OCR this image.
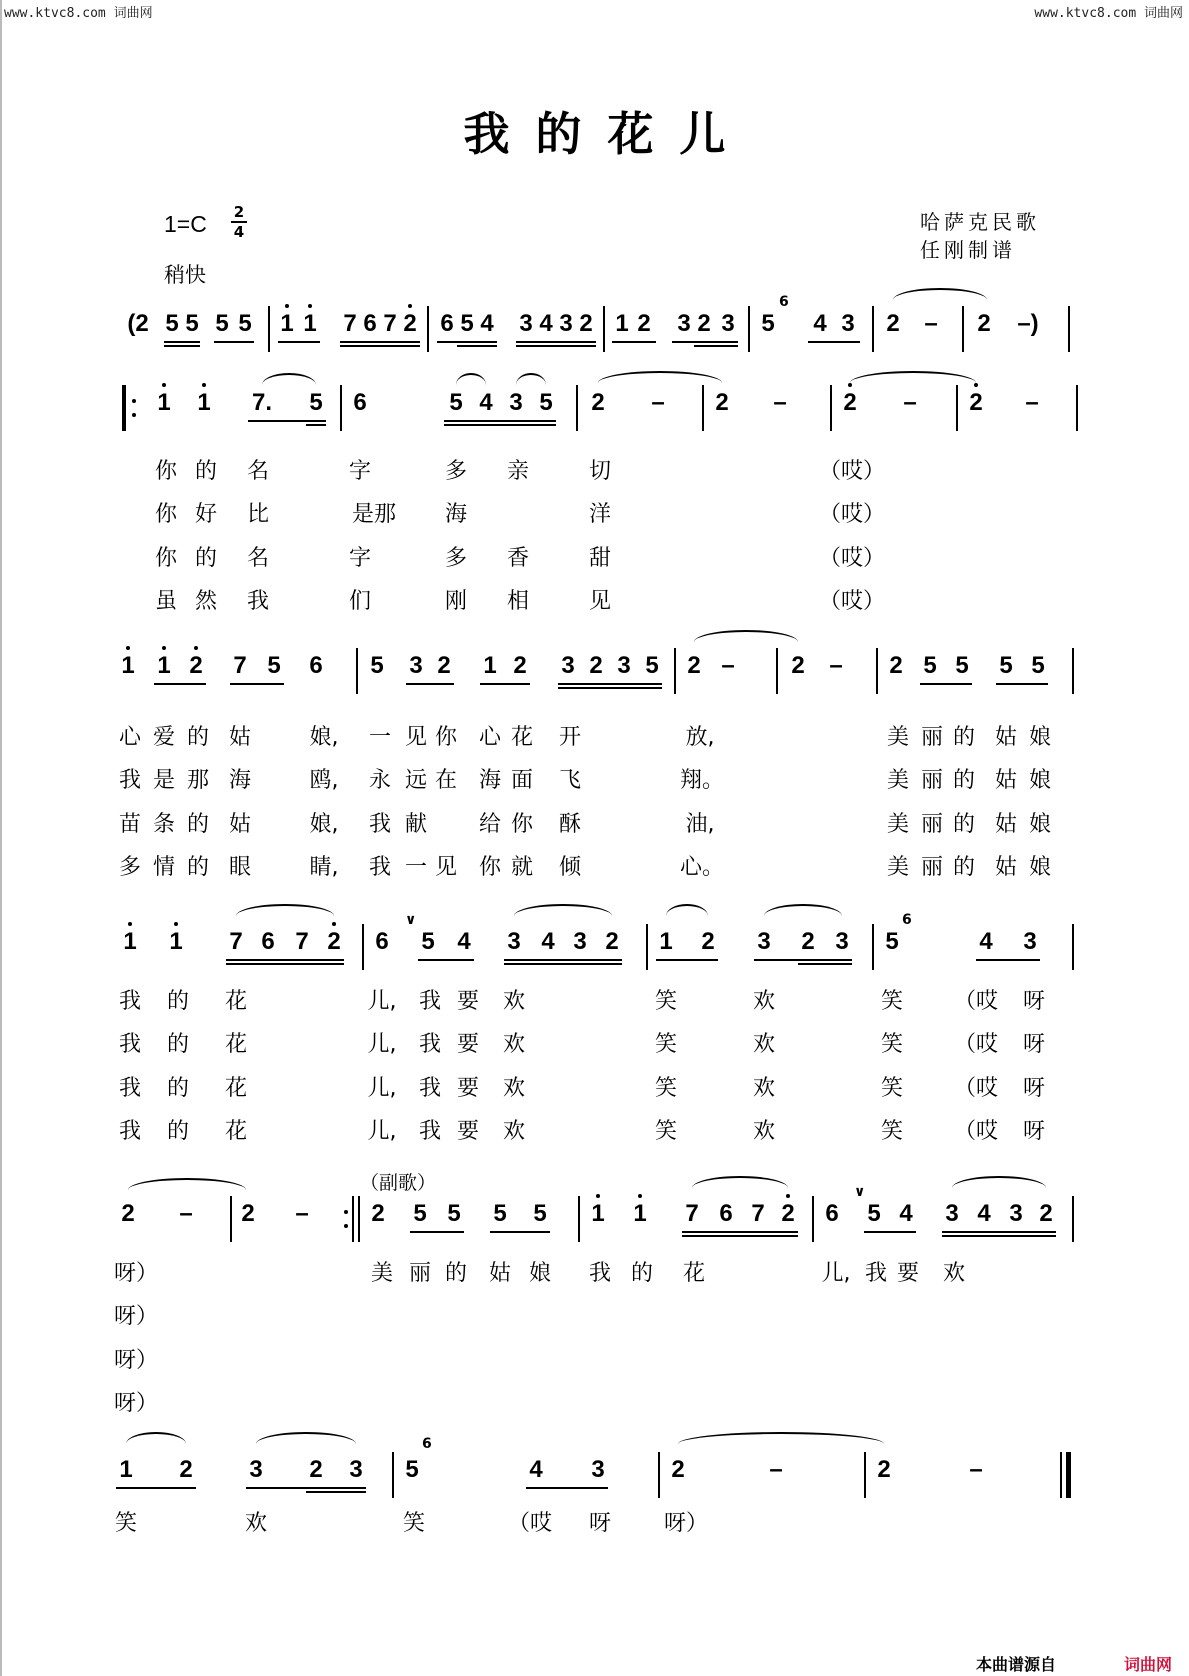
www.ktvc8.com 词曲网	www.ktvc8.com 词曲网
我的花儿
1=C 2
4
稍快
哈萨克民歌
任刚制谱
(2 5 5 5 5 1 1 7 6 7 2 6 5 4 3 4 3 2 1 2 3 2 3 5
6
4 3 2 – 2 –)
1 1 7. 5 6	5 4 3 5 2 – 2 – 2 – 2 –
你 的 名	字	多 亲	切	（哎）
你 好 比	是那 海	洋	（哎）
你 的 名	字	多 香	甜	（哎）
虽 然 我	们	刚 相	见	（哎）
1 1 2 7 5 6 5 3 2 1 2 3 2 3 5 2 – 2 – 2 5 5 5 5
心 爱 的 姑	娘, 一 见 你 心 花 开	放,	美 丽 的 姑 娘
我 是 那 海	鸥, 永 远 在 海 面 飞	翔。	美 丽 的 姑 娘
苗 条 的 姑	娘, 我 献 给 你 酥	油,	美 丽 的 姑 娘
多 情 的 眼	睛, 我 一 见 你 就 倾	心。	美 丽 的 姑 娘
1 1 7 6 7 2 6
∨
5 4 3 4 3 2 1 2 3 2 3 5
6
4 3
我 的 花	儿, 我 要 欢	笑	欢	笑 （哎 呀
我 的 花	儿, 我 要 欢	笑	欢	笑 （哎 呀
我 的 花	儿, 我 要 欢	笑	欢	笑 （哎 呀
我 的 花	儿, 我 要 欢	笑	欢	笑 （哎 呀
（副歌）
2 – 2 –	2 5 5 5 5 1 1 7 6 7 2 6
∨
5 4 3 4 3 2
呀）	美 丽 的 姑 娘 我 的 花	儿, 我 要 欢
呀）
呀）
呀）
1 2 3 2 3 5
6
4 3	2	–	2	–
笑	欢	笑	（哎 呀 呀）
本曲谱源自	词曲网
